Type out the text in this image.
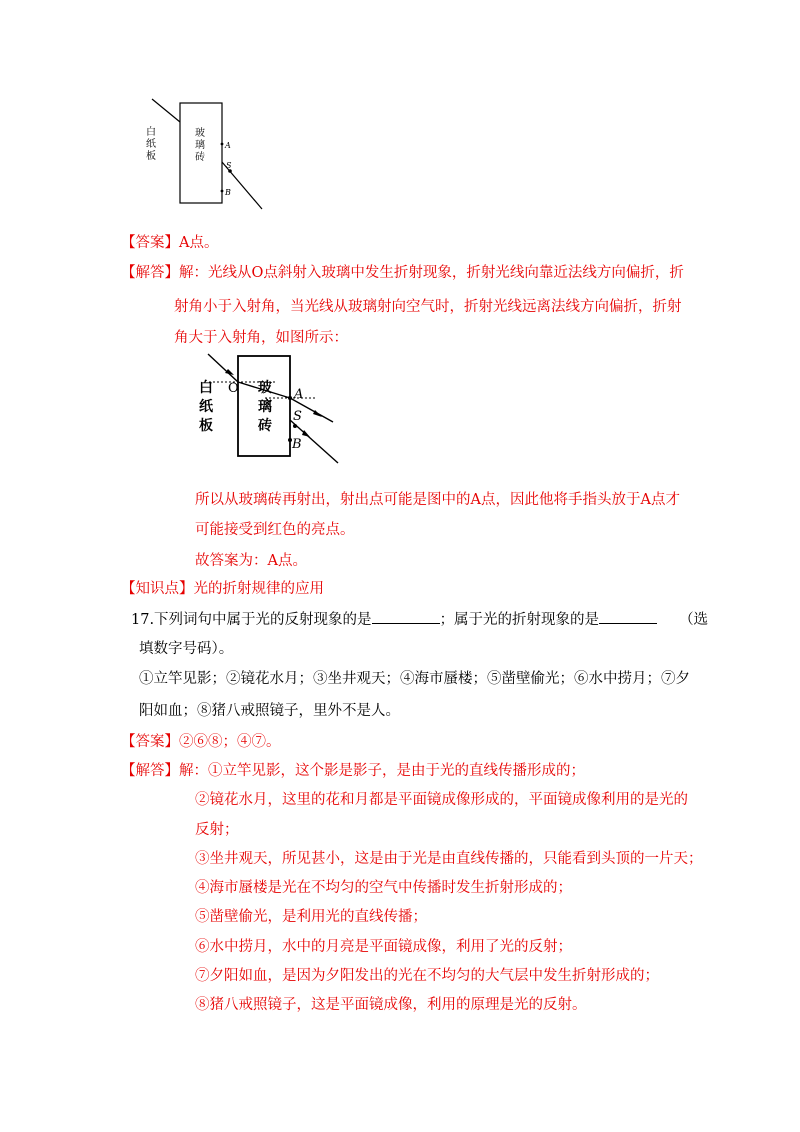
白
纸
板
玻
璃
砖
A
S
B
【答案】A点。
【解答】解：光线从O点斜射入玻璃中发生折射现象，折射光线向靠近法线方向偏折，折
射角小于入射角，当光线从玻璃射向空气时，折射光线远离法线方向偏折，折射
角大于入射角，如图所示：
白
纸
板
O 玻
璃
砖
A
S
B
所以从玻璃砖再射出，射出点可能是图中的A点，因此他将手指头放于A点才
可能接受到红色的亮点。
故答案为：A点。
【知识点】光的折射规律的应用
17.下列词句中属于光的反射现象的是	；属于光的折射现象的是	（选
填数字号码）。
①立竿见影；②镜花水月；③坐井观天；④海市蜃楼；⑤凿壁偷光；⑥水中捞月；⑦夕
阳如血；⑧猪八戒照镜子，里外不是人。
【答案】②⑥⑧；④⑦。
【解答】解：①立竿见影，这个影是影子，是由于光的直线传播形成的；
②镜花水月，这里的花和月都是平面镜成像形成的，平面镜成像利用的是光的
反射；
③坐井观天，所见甚小，这是由于光是由直线传播的，只能看到头顶的一片天；
④海市蜃楼是光在不均匀的空气中传播时发生折射形成的；
⑤凿壁偷光，是利用光的直线传播；
⑥水中捞月，水中的月亮是平面镜成像，利用了光的反射；
⑦夕阳如血，是因为夕阳发出的光在不均匀的大气层中发生折射形成的；
⑧猪八戒照镜子，这是平面镜成像，利用的原理是光的反射。
